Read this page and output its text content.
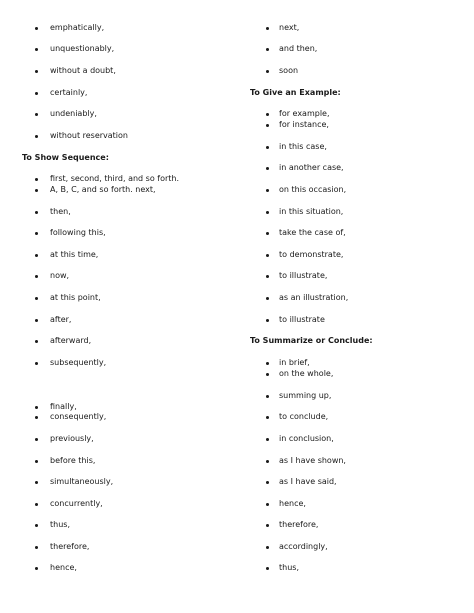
emphatically,
unquestionably,
without a doubt,
certainly,
undeniably,
without reservation
To Show Sequence:
first, second, third, and so forth.
A, B, C, and so forth. next,
then,
following this,
at this time,
now,
at this point,
after,
afterward,
subsequently,
finally,
consequently,
previously,
before this,
simultaneously,
concurrently,
thus,
therefore,
hence,
next,
and then,
soon
To Give an Example:
for example,
for instance,
in this case,
in another case,
on this occasion,
in this situation,
take the case of,
to demonstrate,
to illustrate,
as an illustration,
to illustrate
To Summarize or Conclude:
in brief,
on the whole,
summing up,
to conclude,
in conclusion,
as I have shown,
as I have said,
hence,
therefore,
accordingly,
thus,
